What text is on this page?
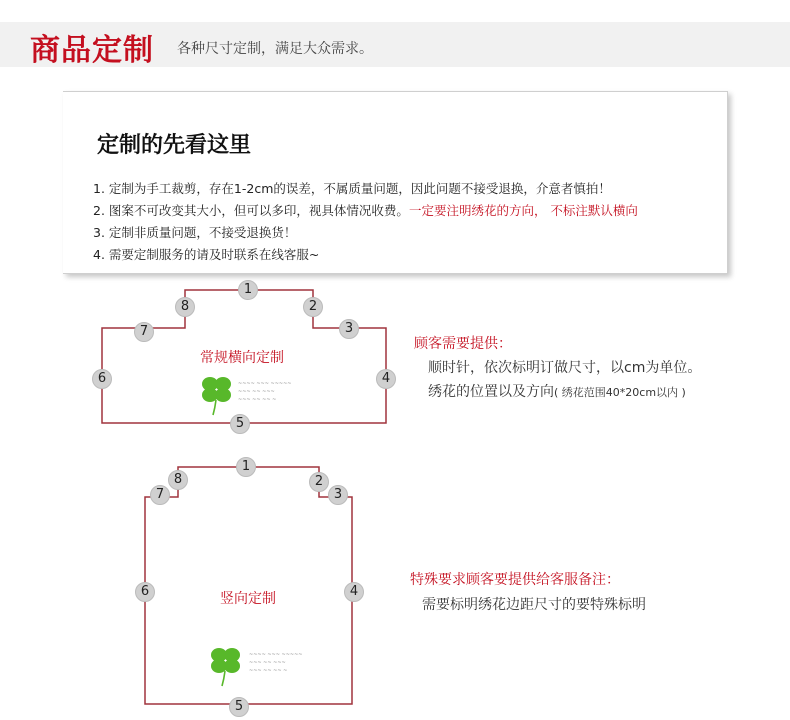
商品定制 各种尺寸定制，满足大众需求。
定制的先看这里
1. 定制为手工裁剪，存在1-2cm的误差，不属质量问题，因此问题不接受退换，介意者慎拍！
2. 图案不可改变其大小，但可以多印，视具体情况收费。一定要注明绣花的方向， 不标注默认横向
3. 定制非质量问题，不接受退换货！
4. 需要定制服务的请及时联系在线客服~
1
2
3
4
5
6
7
8
常规横向定制
~~~~ ~~~ ~~~~~
~~~ ~~ ~~~
~~~ ~~ ~~ ~
顾客需要提供：
顺时针，依次标明订做尺寸，以cm为单位。
绣花的位置以及方向( 绣花范围40*20cm以内 )
1
2
3
4
5
6
7
8
竖向定制
~~~~ ~~~ ~~~~~
~~~ ~~ ~~~
~~~ ~~ ~~ ~
特殊要求顾客要提供给客服备注：
需要标明绣花边距尺寸的要特殊标明
